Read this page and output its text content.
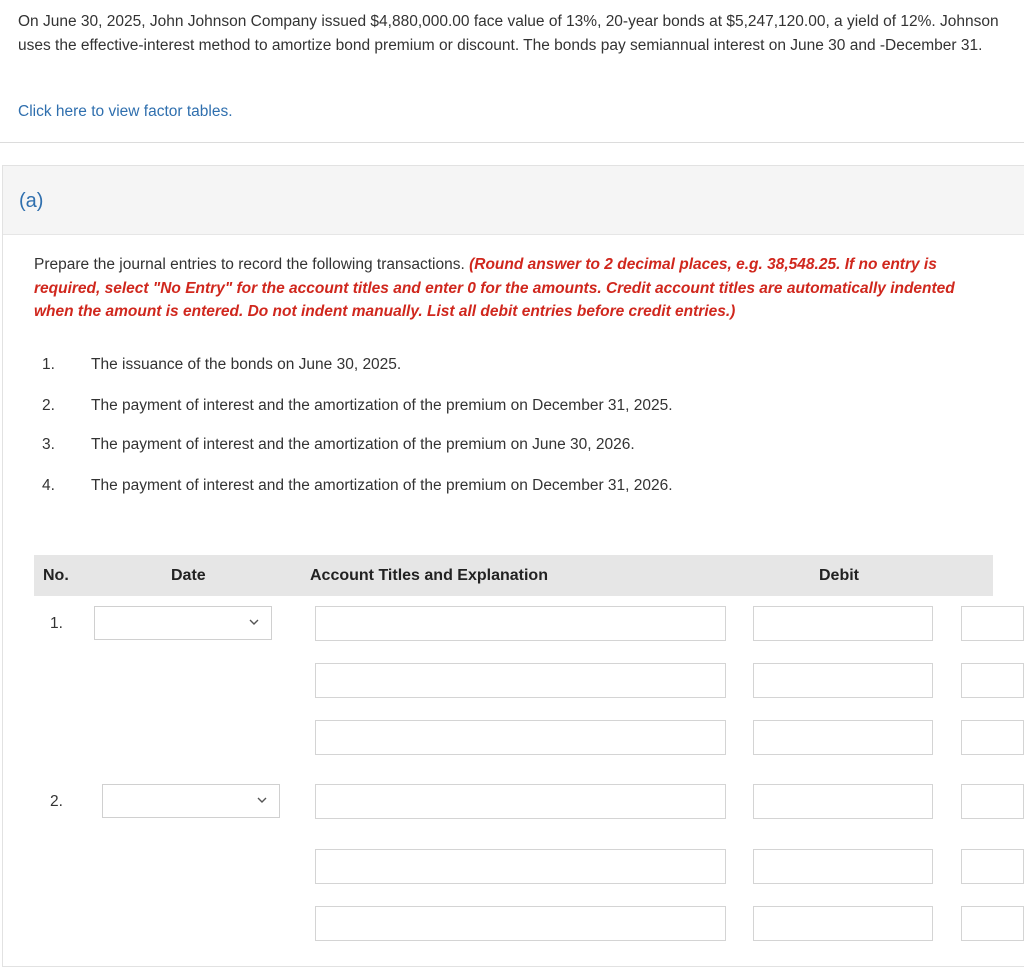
On June 30, 2025, John Johnson Company issued $4,880,000.00 face value of 13%, 20-year bonds at $5,247,120.00, a yield of 12%. Johnson uses the effective-interest method to amortize bond premium or discount. The bonds pay semiannual interest on June 30 and -December 31.
Click here to view factor tables.
(a)
Prepare the journal entries to record the following transactions. (Round answer to 2 decimal places, e.g. 38,548.25. If no entry is required, select "No Entry" for the account titles and enter 0 for the amounts. Credit account titles are automatically indented when the amount is entered. Do not indent manually. List all debit entries before credit entries.)
1. The issuance of the bonds on June 30, 2025.
2. The payment of interest and the amortization of the premium on December 31, 2025.
3. The payment of interest and the amortization of the premium on June 30, 2026.
4. The payment of interest and the amortization of the premium on December 31, 2026.
No.	Date	Account Titles and Explanation	Debit
1.
2.
